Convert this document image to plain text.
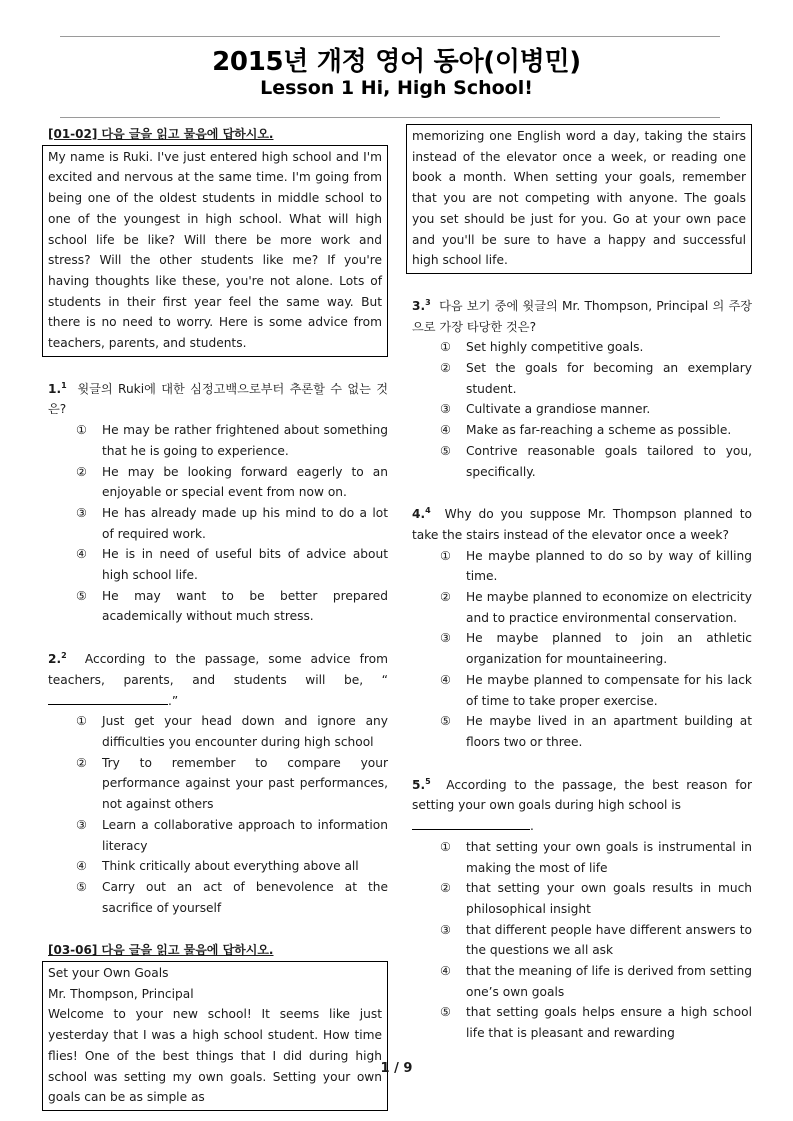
2015년 개정 영어 동아(이병민)
Lesson 1 Hi, High School!
[01-02] 다음 글을 읽고 물음에 답하시오.
My name is Ruki. I've just entered high school and I'm excited and nervous at the same time. I'm going from being one of the oldest students in middle school to one of the youngest in high school. What will high school life be like? Will there be more work and stress? Will the other students like me? If you're having thoughts like these, you're not alone. Lots of students in their first year feel the same way. But there is no need to worry. Here is some advice from teachers, parents, and students.
1.$^1$ 윗글의 Ruki에 대한 심정고백으로부터 추론할 수 없는 것은?
①	He may be rather frightened about something that he is going to experience.
②	He may be looking forward eagerly to an enjoyable or special event from now on.
③	He has already made up his mind to do a lot of required work.
④	He is in need of useful bits of advice about high school life.
⑤	He may want to be better prepared academically without much stress.
2.$^2$ According to the passage, some advice from teachers, parents, and students will be, “.”
①	Just get your head down and ignore any difficulties you encounter during high school
②	Try to remember to compare your performance against your past performances, not against others
③	Learn a collaborative approach to information literacy
④	Think critically about everything above all
⑤	Carry out an act of benevolence at the sacrifice of yourself
[03-06] 다음 글을 읽고 물음에 답하시오.
Set your Own Goals
Mr. Thompson, Principal
Welcome to your new school! It seems like just yesterday that I was a high school student. How time flies! One of the best things that I did during high school was setting my own goals. Setting your own goals can be as simple as
memorizing one English word a day, taking the stairs instead of the elevator once a week, or reading one book a month. When setting your goals, remember that you are not competing with anyone. The goals you set should be just for you. Go at your own pace and you'll be sure to have a happy and successful high school life.
3.$^3$ 다음 보기 중에 윗글의 Mr. Thompson, Principal 의 주장으로 가장 타당한 것은?
①	Set highly competitive goals.
②	Set the goals for becoming an exemplary student.
③	Cultivate a grandiose manner.
④	Make as far-reaching a scheme as possible.
⑤	Contrive reasonable goals tailored to you, specifically.
4.$^4$ Why do you suppose Mr. Thompson planned to take the stairs instead of the elevator once a week?
①	He maybe planned to do so by way of killing time.
②	He maybe planned to economize on electricity and to practice environmental conservation.
③	He maybe planned to join an athletic organization for mountaineering.
④	He maybe planned to compensate for his lack of time to take proper exercise.
⑤	He maybe lived in an apartment building at floors two or three.
5.$^5$ According to the passage, the best reason for setting your own goals during high school is
.
①	that setting your own goals is instrumental in making the most of life
②	that setting your own goals results in much philosophical insight
③	that different people have different answers to the questions we all ask
④	that the meaning of life is derived from setting one’s own goals
⑤	that setting goals helps ensure a high school life that is pleasant and rewarding
1 / 9
